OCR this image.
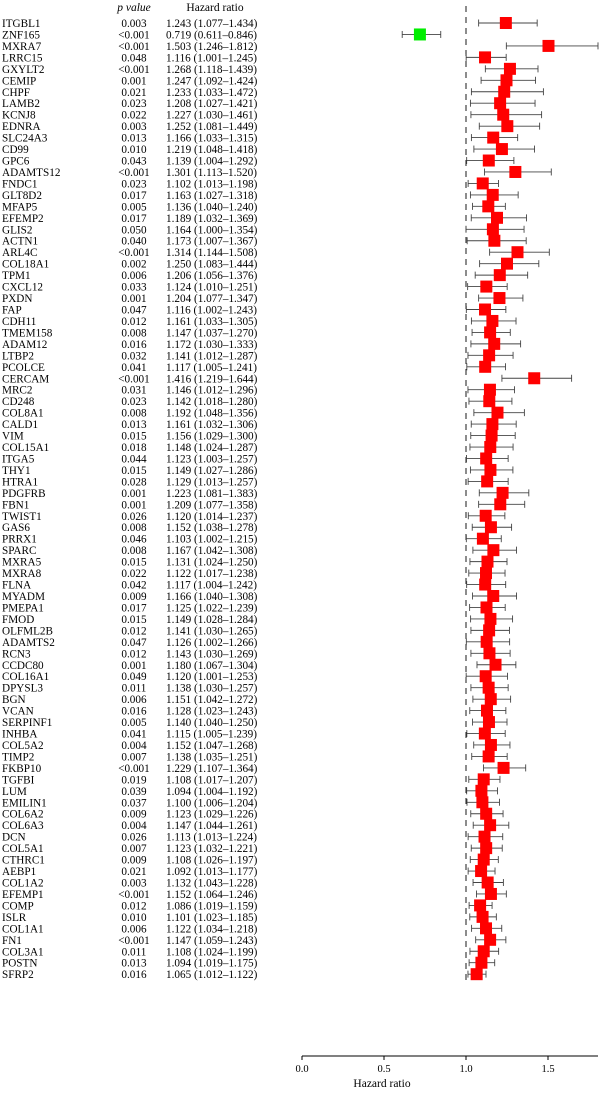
p value	Hazard ratio
ITGBL1	0.003 1.243 (1.077–1.434)
ZNF165	<0.001 0.719 (0.611–0.846)
MXRA7	<0.001 1.503 (1.246–1.812)
LRRC15	0.048 1.116 (1.001–1.245)
GXYLT2	<0.001 1.268 (1.118–1.439)
CEMIP	0.001 1.247 (1.092–1.424)
CHPF	0.021 1.233 (1.033–1.472)
LAMB2	0.023 1.208 (1.027–1.421)
KCNJ8	0.022 1.227 (1.030–1.461)
EDNRA	0.003 1.252 (1.081–1.449)
SLC24A3	0.013 1.166 (1.033–1.315)
CD99	0.010 1.219 (1.048–1.418)
GPC6	0.043 1.139 (1.004–1.292)
ADAMTS12	<0.001 1.301 (1.113–1.520)
FNDC1	0.023 1.102 (1.013–1.198)
GLT8D2	0.017 1.163 (1.027–1.318)
MFAP5	0.005 1.136 (1.040–1.240)
EFEMP2	0.017 1.189 (1.032–1.369)
GLIS2	0.050 1.164 (1.000–1.354)
ACTN1	0.040 1.173 (1.007–1.367)
ARL4C	<0.001 1.314 (1.144–1.508)
COL18A1	0.002 1.250 (1.083–1.444)
TPM1	0.006 1.206 (1.056–1.376)
CXCL12	0.033 1.124 (1.010–1.251)
PXDN	0.001 1.204 (1.077–1.347)
FAP	0.047 1.116 (1.002–1.243)
CDH11	0.012 1.161 (1.033–1.305)
TMEM158	0.008 1.147 (1.037–1.270)
ADAM12	0.016 1.172 (1.030–1.333)
LTBP2	0.032 1.141 (1.012–1.287)
PCOLCE	0.041 1.117 (1.005–1.241)
CERCAM	<0.001 1.416 (1.219–1.644)
MRC2	0.031 1.146 (1.012–1.296)
CD248	0.023 1.142 (1.018–1.280)
COL8A1	0.008 1.192 (1.048–1.356)
CALD1	0.013 1.161 (1.032–1.306)
VIM	0.015 1.156 (1.029–1.300)
COL15A1	0.018 1.148 (1.024–1.287)
ITGA5	0.044 1.123 (1.003–1.257)
THY1	0.015 1.149 (1.027–1.286)
HTRA1	0.028 1.129 (1.013–1.257)
PDGFRB	0.001 1.223 (1.081–1.383)
FBN1	0.001 1.209 (1.077–1.358)
TWIST1	0.026 1.120 (1.014–1.237)
GAS6	0.008 1.152 (1.038–1.278)
PRRX1	0.046 1.103 (1.002–1.215)
SPARC	0.008 1.167 (1.042–1.308)
MXRA5	0.015 1.131 (1.024–1.250)
MXRA8	0.022 1.122 (1.017–1.238)
FLNA	0.042 1.117 (1.004–1.242)
MYADM	0.009 1.166 (1.040–1.308)
PMEPA1	0.017 1.125 (1.022–1.239)
FMOD	0.015 1.149 (1.028–1.284)
OLFML2B	0.012 1.141 (1.030–1.265)
ADAMTS2	0.047 1.126 (1.002–1.266)
RCN3	0.012 1.143 (1.030–1.269)
CCDC80	0.001 1.180 (1.067–1.304)
COL16A1	0.049 1.120 (1.001–1.253)
DPYSL3	0.011 1.138 (1.030–1.257)
BGN	0.006 1.151 (1.042–1.272)
VCAN	0.016 1.128 (1.023–1.243)
SERPINF1	0.005 1.140 (1.040–1.250)
INHBA	0.041 1.115 (1.005–1.239)
COL5A2	0.004 1.152 (1.047–1.268)
TIMP2	0.007 1.138 (1.035–1.251)
FKBP10	<0.001 1.229 (1.107–1.364)
TGFBI	0.019 1.108 (1.017–1.207)
LUM	0.039 1.094 (1.004–1.192)
EMILIN1	0.037 1.100 (1.006–1.204)
COL6A2	0.009 1.123 (1.029–1.226)
COL6A3	0.004 1.147 (1.044–1.261)
DCN	0.026 1.113 (1.013–1.224)
COL5A1	0.007 1.123 (1.032–1.221)
CTHRC1	0.009 1.108 (1.026–1.197)
AEBP1	0.021 1.092 (1.013–1.177)
COL1A2	0.003 1.132 (1.043–1.228)
EFEMP1	<0.001 1.152 (1.064–1.246)
COMP	0.012 1.086 (1.019–1.159)
ISLR	0.010 1.101 (1.023–1.185)
COL1A1	0.006 1.122 (1.034–1.218)
FN1	<0.001 1.147 (1.059–1.243)
COL3A1	0.011 1.108 (1.024–1.199)
POSTN	0.013 1.094 (1.019–1.175)
SFRP2	0.016 1.065 (1.012–1.122)
0.0	0.5	1.0	1.5
Hazard ratio
